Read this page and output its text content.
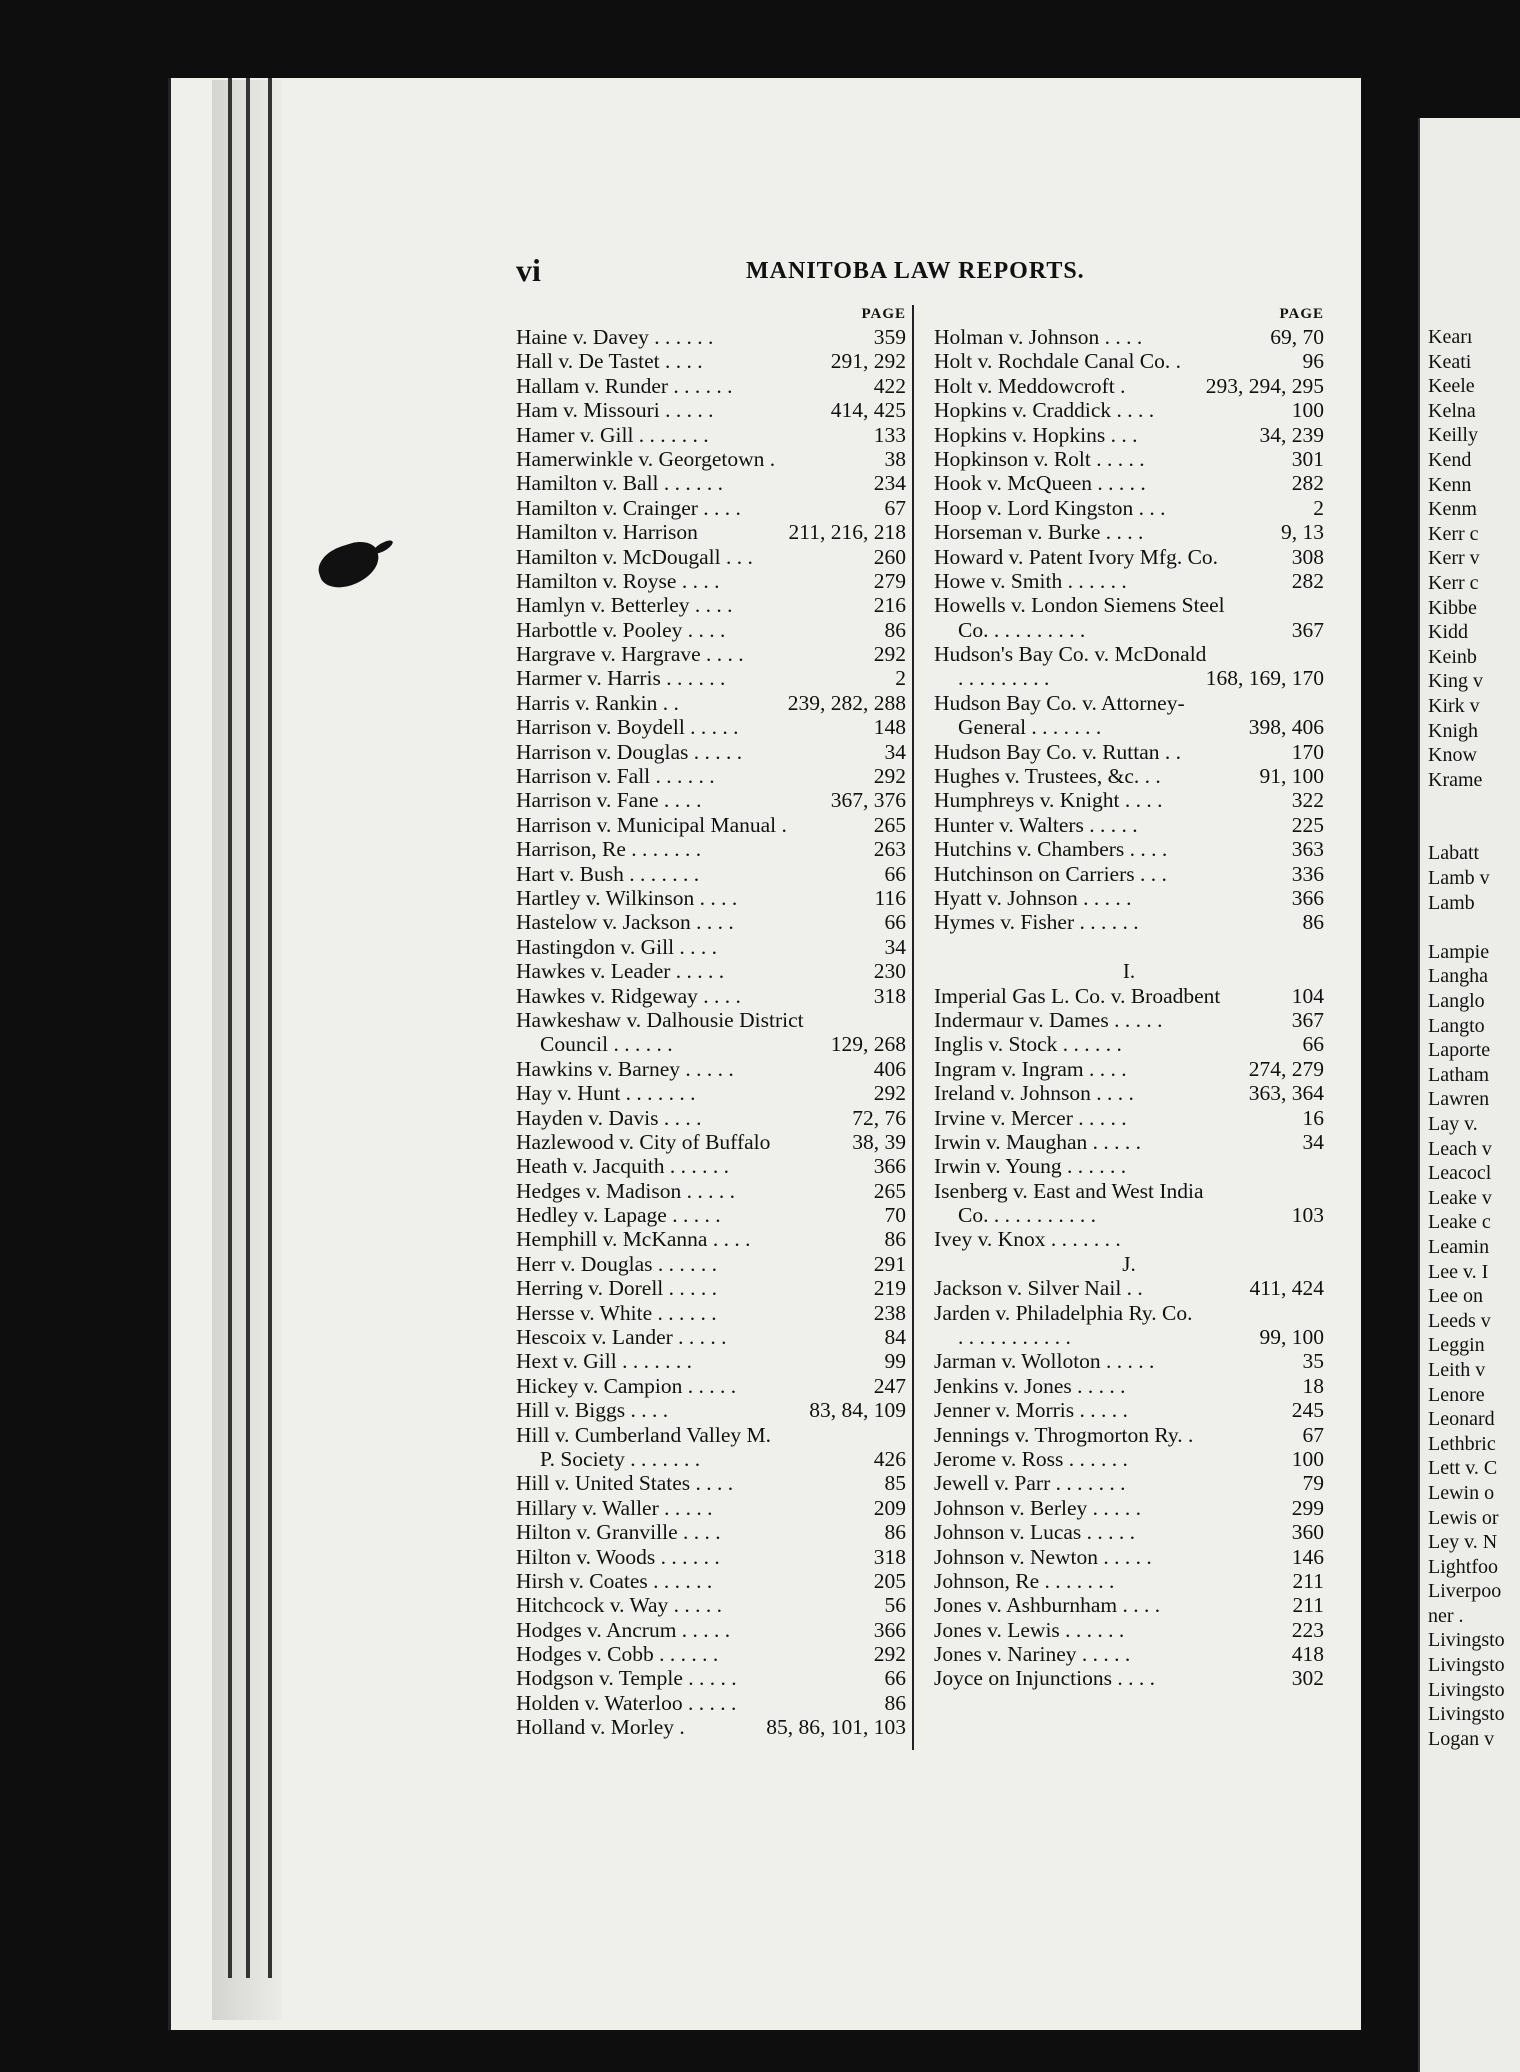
vi	MANITOBA LAW REPORTS.
PAGE
Haine v. Davey . . . . . .	359
Hall v. De Tastet . . . .	291, 292
Hallam v. Runder . . . . . .	422
Ham v. Missouri . . . . .	414, 425
Hamer v. Gill . . . . . . .	133
Hamerwinkle v. Georgetown .	38
Hamilton v. Ball . . . . . .	234
Hamilton v. Crainger . . . .	67
Hamilton v. Harrison	211, 216, 218
Hamilton v. McDougall . . .	260
Hamilton v. Royse . . . .	279
Hamlyn v. Betterley . . . .	216
Harbottle v. Pooley . . . .	86
Hargrave v. Hargrave . . . .	292
Harmer v. Harris . . . . . .	2
Harris v. Rankin . .	239, 282, 288
Harrison v. Boydell . . . . .	148
Harrison v. Douglas . . . . .	34
Harrison v. Fall . . . . . .	292
Harrison v. Fane . . . .	367, 376
Harrison v. Municipal Manual .	265
Harrison, Re . . . . . . .	263
Hart v. Bush . . . . . . .	66
Hartley v. Wilkinson . . . .	116
Hastelow v. Jackson . . . .	66
Hastingdon v. Gill . . . .	34
Hawkes v. Leader . . . . .	230
Hawkes v. Ridgeway . . . .	318
Hawkeshaw v. Dalhousie District
Council . . . . . .	129, 268
Hawkins v. Barney . . . . .	406
Hay v. Hunt . . . . . . .	292
Hayden v. Davis . . . .	72, 76
Hazlewood v. City of Buffalo	38, 39
Heath v. Jacquith . . . . . .	366
Hedges v. Madison . . . . .	265
Hedley v. Lapage . . . . .	70
Hemphill v. McKanna . . . .	86
Herr v. Douglas . . . . . .	291
Herring v. Dorell . . . . .	219
Hersse v. White . . . . . .	238
Hescoix v. Lander . . . . .	84
Hext v. Gill . . . . . . .	99
Hickey v. Campion . . . . .	247
Hill v. Biggs . . . .	83, 84, 109
Hill v. Cumberland Valley M.
P. Society . . . . . . .	426
Hill v. United States . . . .	85
Hillary v. Waller . . . . .	209
Hilton v. Granville . . . .	86
Hilton v. Woods . . . . . .	318
Hirsh v. Coates . . . . . .	205
Hitchcock v. Way . . . . .	56
Hodges v. Ancrum . . . . .	366
Hodges v. Cobb . . . . . .	292
Hodgson v. Temple . . . . .	66
Holden v. Waterloo . . . . .	86
Holland v. Morley .	85, 86, 101, 103
PAGE
Holman v. Johnson . . . .	69, 70
Holt v. Rochdale Canal Co. .	96
Holt v. Meddowcroft .	293, 294, 295
Hopkins v. Craddick . . . .	100
Hopkins v. Hopkins . . .	34, 239
Hopkinson v. Rolt . . . . .	301
Hook v. McQueen . . . . .	282
Hoop v. Lord Kingston . . .	2
Horseman v. Burke . . . .	9, 13
Howard v. Patent Ivory Mfg. Co.	308
Howe v. Smith . . . . . .	282
Howells v. London Siemens Steel
Co. . . . . . . . . .	367
Hudson's Bay Co. v. McDonald
. . . . . . . . .	168, 169, 170
Hudson Bay Co. v. Attorney-
General . . . . . . .	398, 406
Hudson Bay Co. v. Ruttan . .	170
Hughes v. Trustees, &c. . .	91, 100
Humphreys v. Knight . . . .	322
Hunter v. Walters . . . . .	225
Hutchins v. Chambers . . . .	363
Hutchinson on Carriers . . .	336
Hyatt v. Johnson . . . . .	366
Hymes v. Fisher . . . . . .	86
I.
Imperial Gas L. Co. v. Broadbent	104
Indermaur v. Dames . . . . .	367
Inglis v. Stock . . . . . .	66
Ingram v. Ingram . . . .	274, 279
Ireland v. Johnson . . . .	363, 364
Irvine v. Mercer . . . . .	16
Irwin v. Maughan . . . . .	34
Irwin v. Young . . . . . .
Isenberg v. East and West India
Co. . . . . . . . . . .	103
Ivey v. Knox . . . . . . .
J.
Jackson v. Silver Nail . .	411, 424
Jarden v. Philadelphia Ry. Co.
. . . . . . . . . . .	99, 100
Jarman v. Wolloton . . . . .	35
Jenkins v. Jones . . . . .	18
Jenner v. Morris . . . . .	245
Jennings v. Throgmorton Ry. .	67
Jerome v. Ross . . . . . .	100
Jewell v. Parr . . . . . . .	79
Johnson v. Berley . . . . .	299
Johnson v. Lucas . . . . .	360
Johnson v. Newton . . . . .	146
Johnson, Re . . . . . . .	211
Jones v. Ashburnham . . . .	211
Jones v. Lewis . . . . . .	223
Jones v. Nariney . . . . .	418
Joyce on Injunctions . . . .	302
Kearı
Keati
Keele
Kelna
Keilly
Kend
Kenn
Kenm
Kerr c
Kerr v
Kerr c
Kibbe
Kidd
Keinb
King v
Kirk v
Knigh
Know
Krame
Labatt
Lamb v
Lamb
Lampie
Langha
Langlo
Langto
Laporte
Latham
Lawren
Lay v.
Leach v
Leacocl
Leake v
Leake c
Leamin
Lee v. I
Lee on
Leeds v
Leggin
Leith v
Lenore
Leonard
Lethbric
Lett v. C
Lewin o
Lewis or
Ley v. N
Lightfoo
Liverpoo
ner .
Livingsto
Livingsto
Livingsto
Livingsto
Logan v
